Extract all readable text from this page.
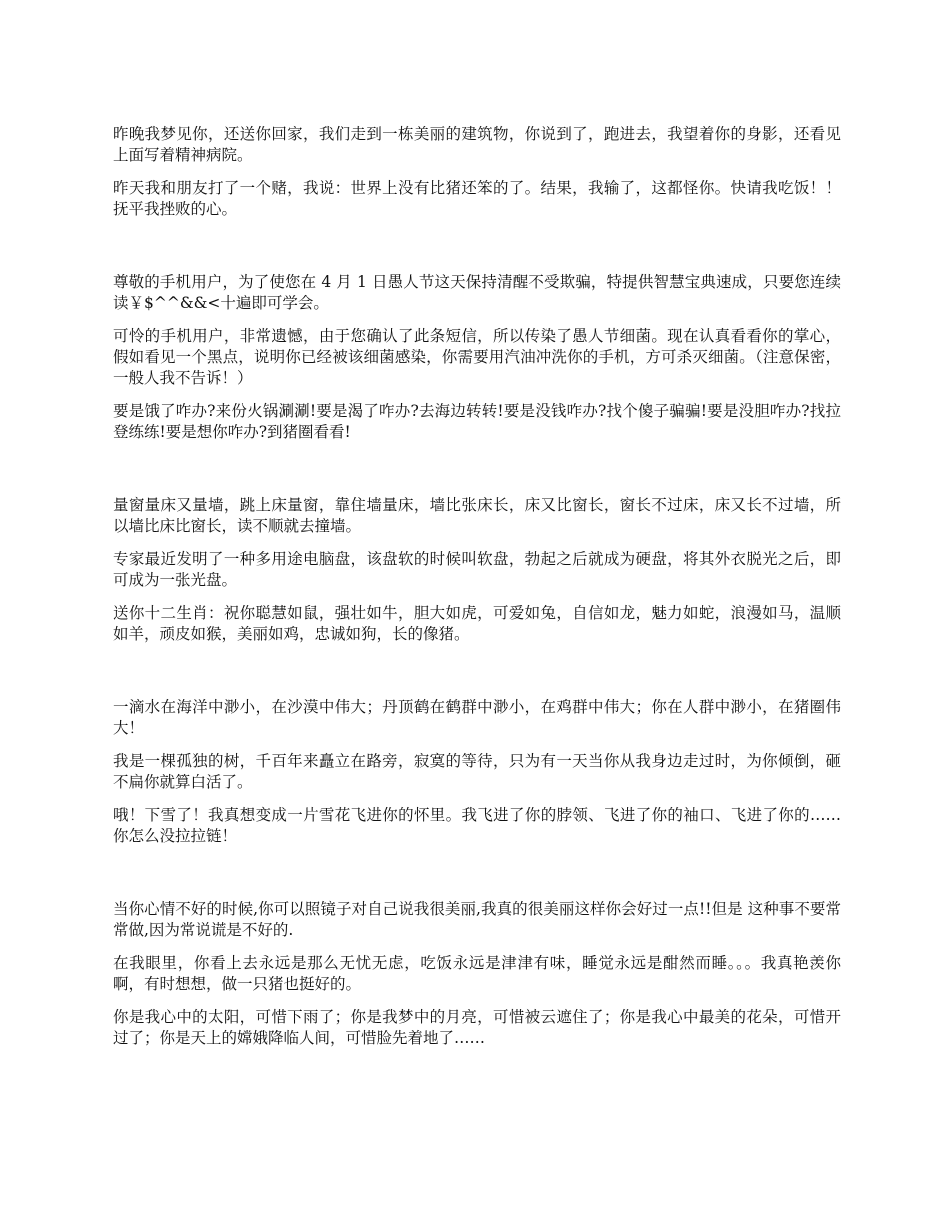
昨晚我梦见你，还送你回家，我们走到一栋美丽的建筑物，你说到了，跑进去，我望着你的身影，还看见上面写着精神病院。

昨天我和朋友打了一个赌，我说：世界上没有比猪还笨的了。结果，我输了，这都怪你。快请我吃饭！！抚平我挫败的心。

尊敬的手机用户，为了使您在 4 月 1 日愚人节这天保持清醒不受欺骗，特提供智慧宝典速成，只要您连续读￥$^^&&<十遍即可学会。

可怜的手机用户，非常遗憾，由于您确认了此条短信，所以传染了愚人节细菌。现在认真看看你的掌心，假如看见一个黑点，说明你已经被该细菌感染，你需要用汽油冲洗你的手机，方可杀灭细菌。（注意保密，一般人我不告诉！）

要是饿了咋办?来份火锅涮涮!要是渴了咋办?去海边转转!要是没钱咋办?找个傻子骗骗!要是没胆咋办?找拉登练练!要是想你咋办?到猪圈看看!

量窗量床又量墙，跳上床量窗，靠住墙量床，墙比张床长，床又比窗长，窗长不过床，床又长不过墙，所以墙比床比窗长，读不顺就去撞墙。

专家最近发明了一种多用途电脑盘，该盘软的时候叫软盘，勃起之后就成为硬盘，将其外衣脱光之后，即可成为一张光盘。

送你十二生肖：祝你聪慧如鼠，强壮如牛，胆大如虎，可爱如兔，自信如龙，魅力如蛇，浪漫如马，温顺如羊，顽皮如猴，美丽如鸡，忠诚如狗，长的像猪。

一滴水在海洋中渺小，在沙漠中伟大；丹顶鹤在鹤群中渺小，在鸡群中伟大；你在人群中渺小，在猪圈伟大！

我是一棵孤独的树，千百年来矗立在路旁，寂寞的等待，只为有一天当你从我身边走过时，为你倾倒，砸不扁你就算白活了。

哦！下雪了！我真想变成一片雪花飞进你的怀里。我飞进了你的脖领、飞进了你的袖口、飞进了你的……你怎么没拉拉链！

当你心情不好的时候,你可以照镜子对自己说我很美丽,我真的很美丽这样你会好过一点!!但是 这种事不要常常做,因为常说谎是不好的.

在我眼里，你看上去永远是那么无忧无虑，吃饭永远是津津有味，睡觉永远是酣然而睡。。。我真艳羡你啊，有时想想，做一只猪也挺好的。

你是我心中的太阳，可惜下雨了；你是我梦中的月亮，可惜被云遮住了；你是我心中最美的花朵，可惜开过了；你是天上的嫦娥降临人间，可惜脸先着地了……
